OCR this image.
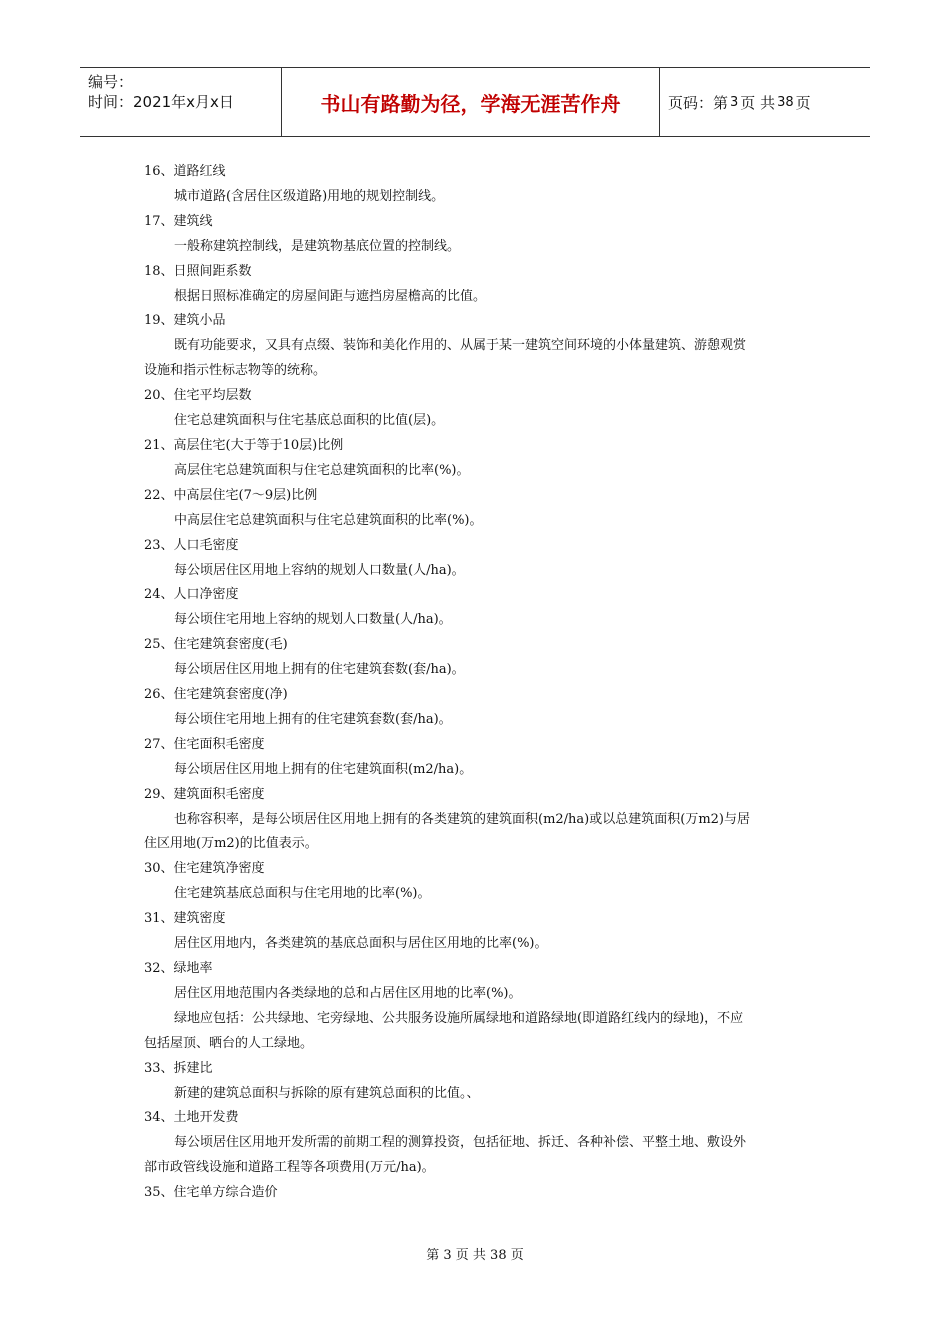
编号：
时间：2021年x月x日	书山有路勤为径，学海无涯苦作舟	页码：第 3 页 共 38 页
16、道路红线
城市道路(含居住区级道路)用地的规划控制线。
17、建筑线
一般称建筑控制线，是建筑物基底位置的控制线。
18、日照间距系数
根据日照标准确定的房屋间距与遮挡房屋檐高的比值。
19、建筑小品
既有功能要求，又具有点缀、装饰和美化作用的、从属于某一建筑空间环境的小体量建筑、游憩观赏
设施和指示性标志物等的统称。
20、住宅平均层数
住宅总建筑面积与住宅基底总面积的比值(层)。
21、高层住宅(大于等于10层)比例
高层住宅总建筑面积与住宅总建筑面积的比率(%)。
22、中高层住宅(7～9层)比例
中高层住宅总建筑面积与住宅总建筑面积的比率(%)。
23、人口毛密度
每公顷居住区用地上容纳的规划人口数量(人/ha)。
24、人口净密度
每公顷住宅用地上容纳的规划人口数量(人/ha)。
25、住宅建筑套密度(毛)
每公顷居住区用地上拥有的住宅建筑套数(套/ha)。
26、住宅建筑套密度(净)
每公顷住宅用地上拥有的住宅建筑套数(套/ha)。
27、住宅面积毛密度
每公顷居住区用地上拥有的住宅建筑面积(m2/ha)。
29、建筑面积毛密度
也称容积率，是每公顷居住区用地上拥有的各类建筑的建筑面积(m2/ha)或以总建筑面积(万m2)与居
住区用地(万m2)的比值表示。
30、住宅建筑净密度
住宅建筑基底总面积与住宅用地的比率(%)。
31、建筑密度
居住区用地内，各类建筑的基底总面积与居住区用地的比率(%)。
32、绿地率
居住区用地范围内各类绿地的总和占居住区用地的比率(%)。
绿地应包括：公共绿地、宅旁绿地、公共服务设施所属绿地和道路绿地(即道路红线内的绿地)，不应
包括屋顶、晒台的人工绿地。
33、拆建比
新建的建筑总面积与拆除的原有建筑总面积的比值。、
34、土地开发费
每公顷居住区用地开发所需的前期工程的测算投资，包括征地、拆迁、各种补偿、平整土地、敷设外
部市政管线设施和道路工程等各项费用(万元/ha)。
35、住宅单方综合造价
第 3 页 共 38 页
